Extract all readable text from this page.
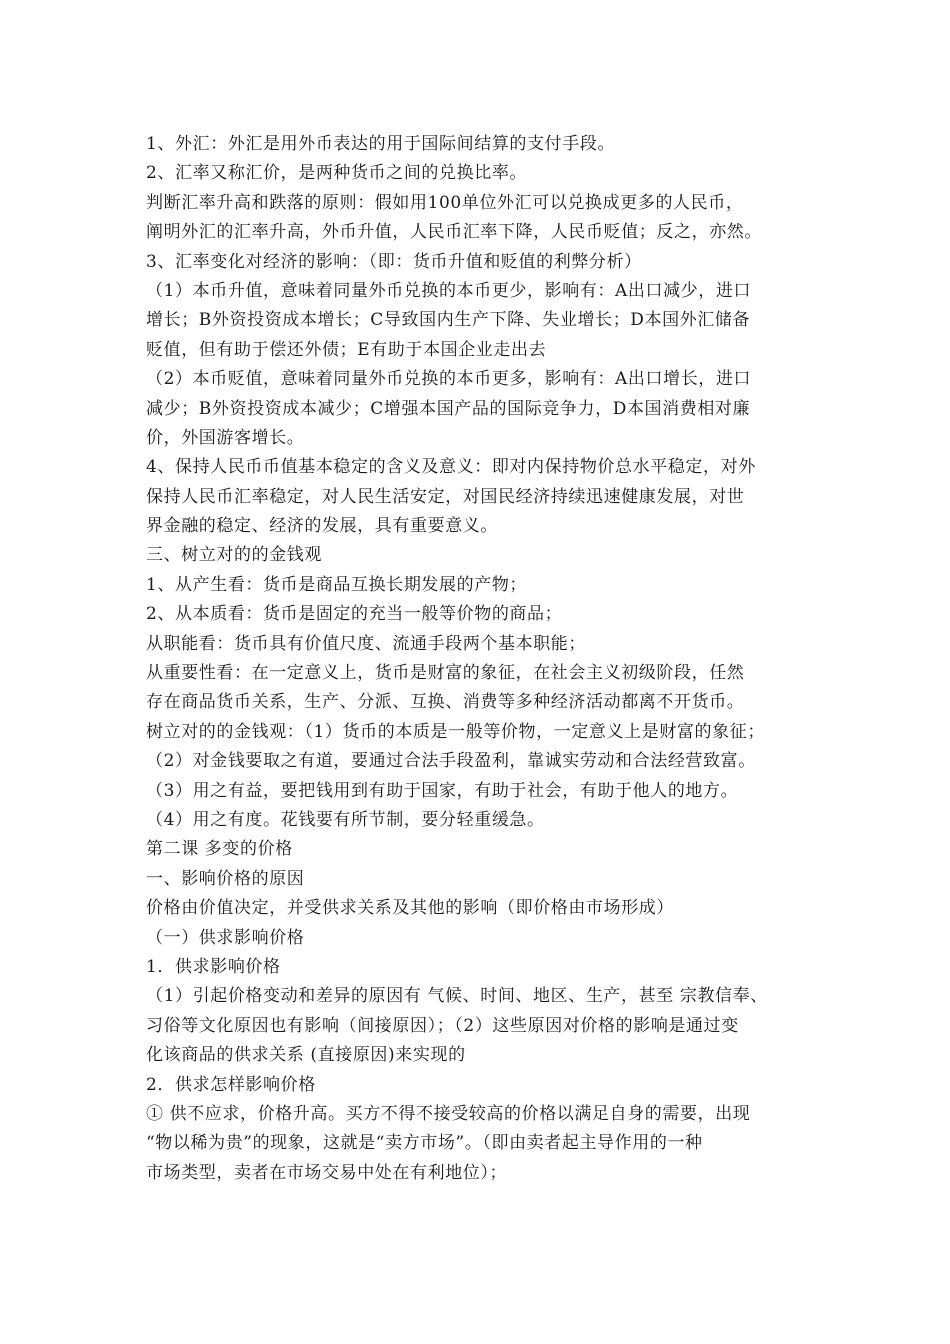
1、外汇：外汇是用外币表达的用于国际间结算的支付手段。
2、汇率又称汇价，是两种货币之间的兑换比率。
判断汇率升高和跌落的原则：假如用100单位外汇可以兑换成更多的人民币，
阐明外汇的汇率升高，外币升值，人民币汇率下降，人民币贬值；反之，亦然。
3、汇率变化对经济的影响：（即：货币升值和贬值的利弊分析）
（1）本币升值，意味着同量外币兑换的本币更少，影响有：A出口减少，进口
增长；B外资投资成本增长；C导致国内生产下降、失业增长；D本国外汇储备
贬值，但有助于偿还外债；E有助于本国企业走出去
（2）本币贬值，意味着同量外币兑换的本币更多，影响有：A出口增长，进口
减少；B外资投资成本减少；C增强本国产品的国际竞争力，D本国消费相对廉
价，外国游客增长。
4、保持人民币币值基本稳定的含义及意义：即对内保持物价总水平稳定，对外
保持人民币汇率稳定，对人民生活安定，对国民经济持续迅速健康发展，对世
界金融的稳定、经济的发展，具有重要意义。
三、树立对的的金钱观
1、从产生看：货币是商品互换长期发展的产物；
2、从本质看：货币是固定的充当一般等价物的商品；
从职能看：货币具有价值尺度、流通手段两个基本职能；
从重要性看：在一定意义上，货币是财富的象征，在社会主义初级阶段，任然
存在商品货币关系，生产、分派、互换、消费等多种经济活动都离不开货币。
树立对的的金钱观：（1）货币的本质是一般等价物，一定意义上是财富的象征；
（2）对金钱要取之有道，要通过合法手段盈利，靠诚实劳动和合法经营致富。
（3）用之有益，要把钱用到有助于国家，有助于社会，有助于他人的地方。
（4）用之有度。花钱要有所节制，要分轻重缓急。
第二课 多变的价格
一、影响价格的原因
价格由价值决定，并受供求关系及其他的影响（即价格由市场形成）
（一）供求影响价格
1．供求影响价格
（1）引起价格变动和差异的原因有 气候、时间、地区、生产，甚至 宗教信奉、
习俗等文化原因也有影响（间接原因）；（2）这些原因对价格的影响是通过变
化该商品的供求关系 (直接原因)来实现的
2．供求怎样影响价格
① 供不应求，价格升高。买方不得不接受较高的价格以满足自身的需要，出现
“物以稀为贵”的现象，这就是“卖方市场”。（即由卖者起主导作用的一种
市场类型，卖者在市场交易中处在有利地位）；
